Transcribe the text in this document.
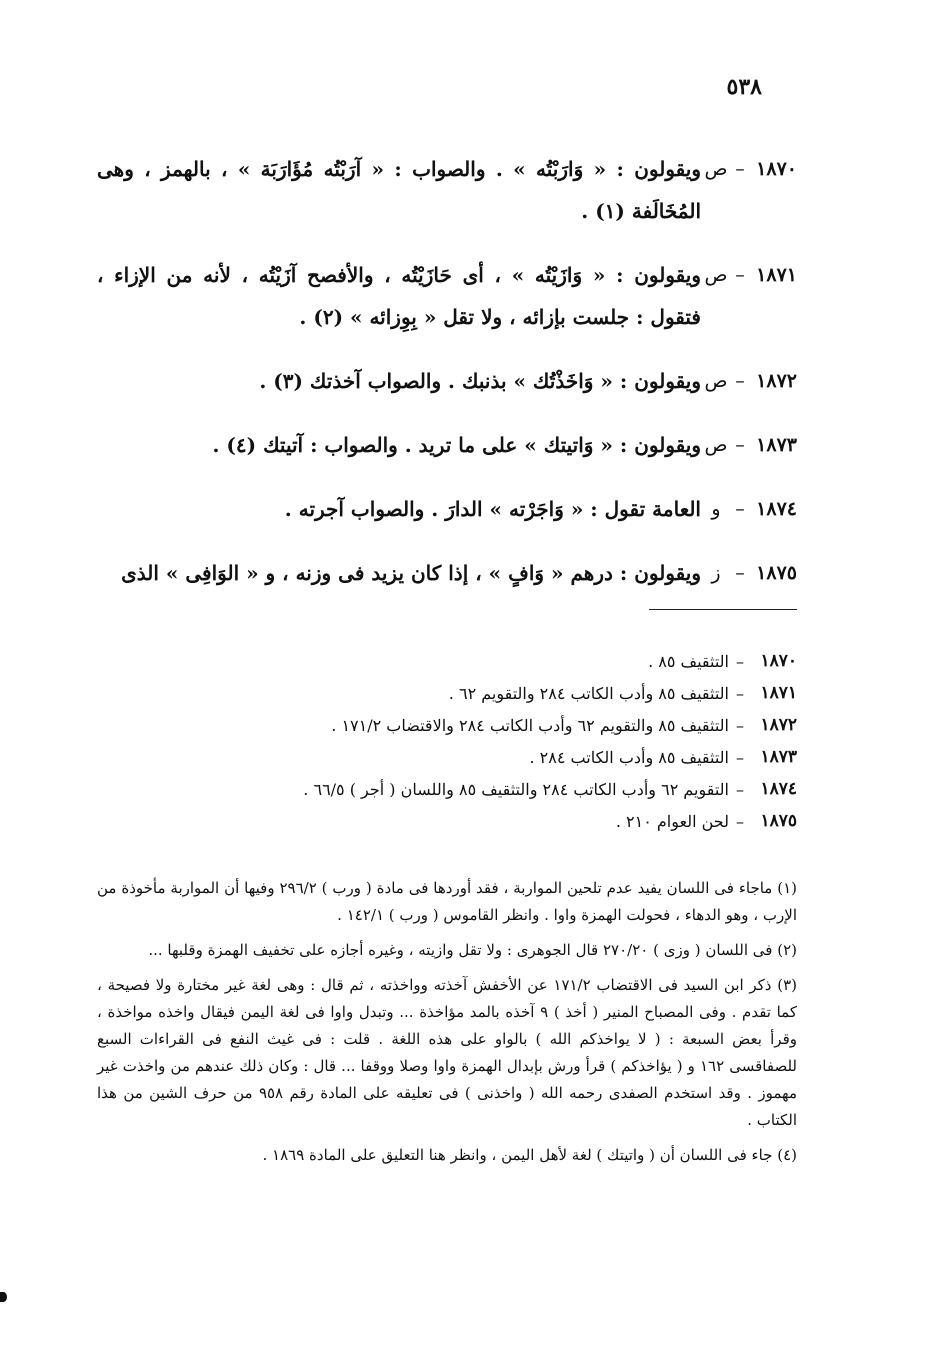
٥٣٨
١٨٧٠
–
ص
ويقولون : « وَارَبْتُه » . والصواب : « آرَبْتُه مُؤَارَبَة » ، بالهمز ، وهى المُخَالَفة (١) .
١٨٧١
–
ص
ويقولون : « وَازَيْتُه » ، أى حَازَيْتُه ، والأفصح آزَيْتُه ، لأنه من الإزاء ، فتقول : جلست بإزائه ، ولا تقل « بِوِزائه » (٢) .
١٨٧٢
–
ص
ويقولون : « وَاخَذْتُك » بذنبك . والصواب آخذتك (٣) .
١٨٧٣
–
ص
ويقولون : « وَاتيتك » على ما تريد . والصواب : آتيتك (٤) .
١٨٧٤
–
و
العامة تقول : « وَاجَرْته » الدارَ . والصواب آجرته .
١٨٧٥
–
ز
ويقولون : درهم « وَافٍ » ، إذا كان يزيد فى وزنه ، و « الوَافِى » الذى
١٨٧٠
–
التثقيف ٨٥ .
١٨٧١
–
التثقيف ٨٥ وأدب الكاتب ٢٨٤ والتقويم ٦٢ .
١٨٧٢
–
التثقيف ٨٥ والتقويم ٦٢ وأدب الكاتب ٢٨٤ والاقتضاب ١٧١/٢ .
١٨٧٣
–
التثقيف ٨٥ وأدب الكاتب ٢٨٤ .
١٨٧٤
–
التقويم ٦٢ وأدب الكاتب ٢٨٤ والتثقيف ٨٥ واللسان ( أجر ) ٦٦/٥ .
١٨٧٥
–
لحن العوام ٢١٠ .

(١) ماجاء فى اللسان يفيد عدم تلحين المواربة ، فقد أوردها فى مادة ( ورب ) ٢٩٦/٢ وفيها أن المواربة مأخوذة من الإرب ، وهو الدهاء ، فحولت الهمزة واوا . وانظر القاموس ( ورب ) ١٤٢/١ .

(٢) فى اللسان ( وزى ) ٢٧٠/٢٠ قال الجوهرى : ولا تقل وازيته ، وغيره أجازه على تخفيف الهمزة وقلبها ...

(٣) ذكر ابن السيد فى الاقتضاب ١٧١/٢ عن الأخفش آخذته وواخذته ، ثم قال : وهى لغة غير مختارة ولا فصيحة ، كما تقدم . وفى المصباح المنير ( أخذ ) ٩ آخذه بالمد مؤاخذة ... وتبدل واوا فى لغة اليمن فيقال واخذه مواخذة ، وقرأ بعض السبعة : ( لا يواخذكم الله ) بالواو على هذه اللغة . قلت : فى غيث النفع فى القراءات السبع للصفاقسى ١٦٢ و ( يؤاخذكم ) قرأ ورش بإبدال الهمزة واوا وصلا ووقفا ... قال : وكان ذلك عندهم من واخذت غير مهموز . وقد استخدم الصفدى رحمه الله ( واخذنى ) فى تعليقه على المادة رقم ٩٥٨ من حرف الشين من هذا الكتاب .

(٤) جاء فى اللسان أن ( واتيتك ) لغة لأهل اليمن ، وانظر هنا التعليق على المادة ١٨٦٩ .
